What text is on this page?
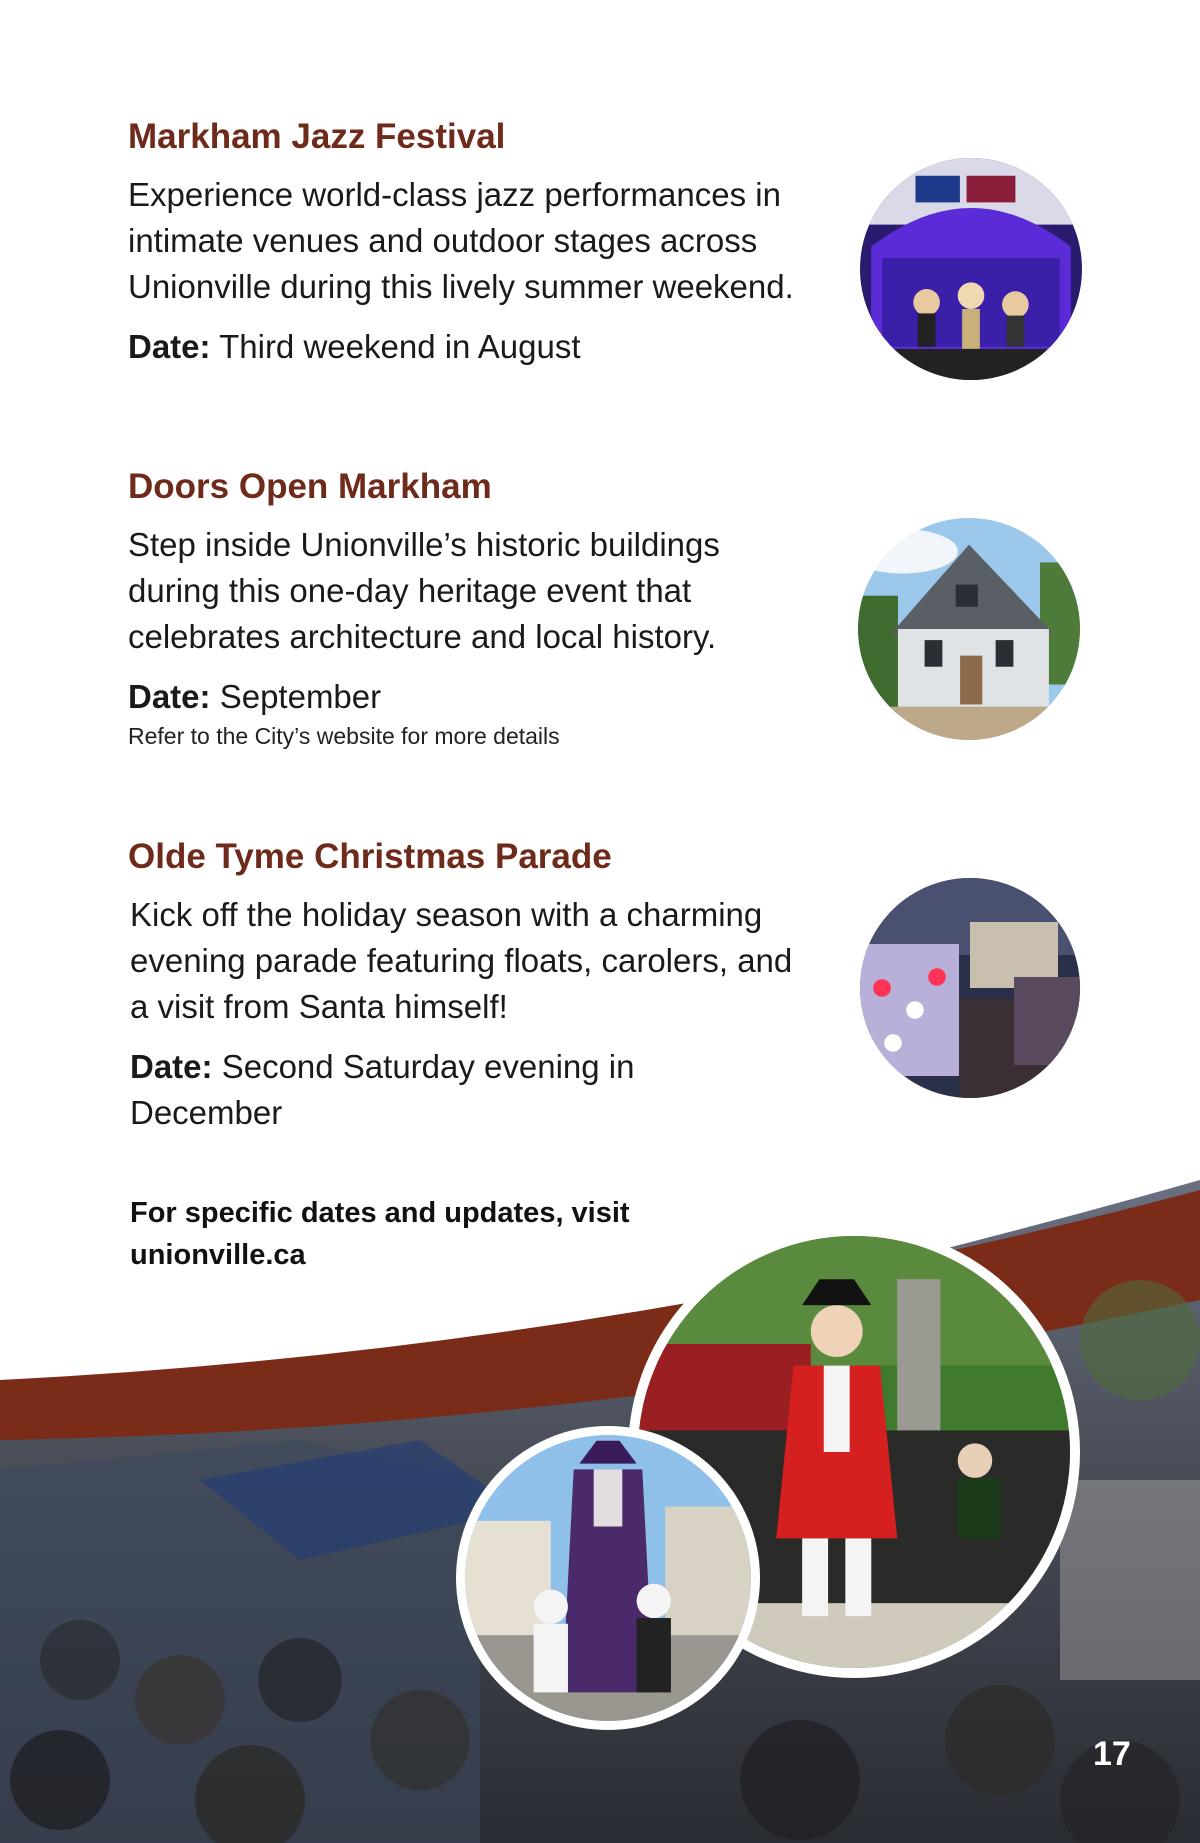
Markham Jazz Festival
Experience world-class jazz performances in intimate venues and outdoor stages across Unionville during this lively summer weekend.
Date: Third weekend in August
Doors Open Markham
Step inside Unionville’s historic buildings during this one-day heritage event that celebrates architecture and local history.
Date: September
Refer to the City’s website for more details
Olde Tyme Christmas Parade
Kick off the holiday season with a charming evening parade featuring floats, carolers, and a visit from Santa himself!
Date: Second Saturday evening in December
For specific dates and updates, visit unionville.ca
17
